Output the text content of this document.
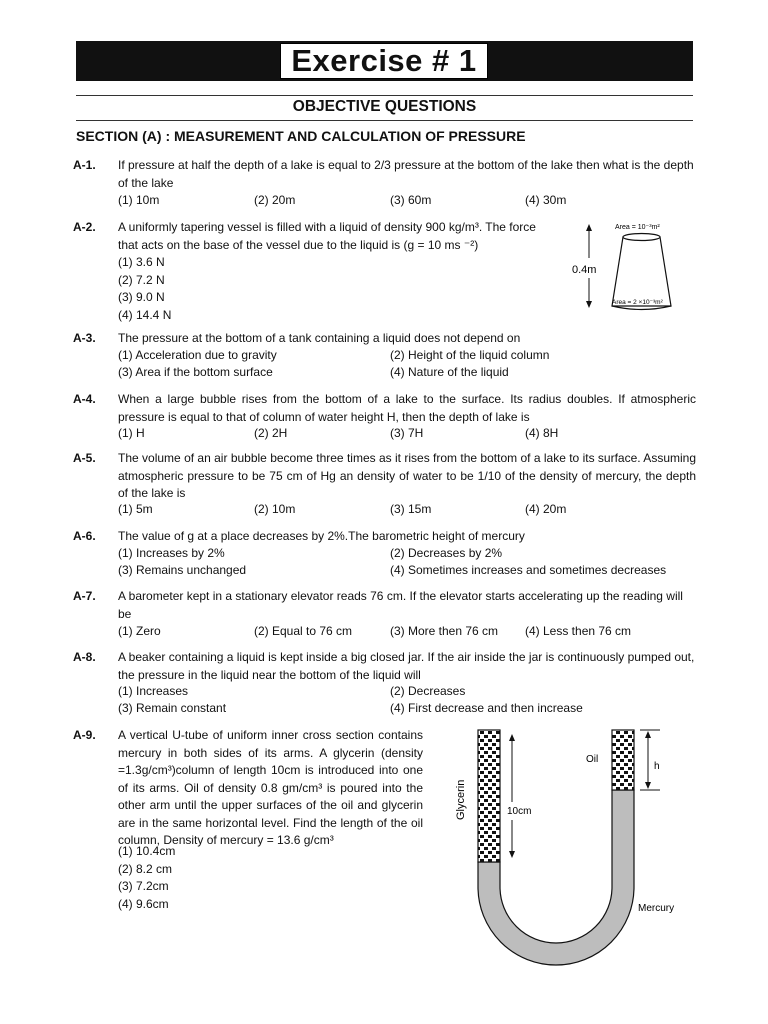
Exercise # 1
OBJECTIVE QUESTIONS
SECTION (A) : MEASUREMENT AND CALCULATION OF PRESSURE
A-1. If pressure at half the depth of a lake is equal to 2/3 pressure at the bottom of the lake then what is the depth of the lake
(1) 10m	(2) 20m	(3) 60m	(4) 30m
A-2. A uniformly tapering vessel is filled with a liquid of density 900 kg/m³. The force that acts on the base of the vessel due to the liquid is (g = 10 ms ⁻²)
(1) 3.6 N
(2) 7.2 N
(3) 9.0 N
(4) 14.4 N
Area = 10⁻³m²
0.4m
Area = 2 ×10⁻³m²
A-3. The pressure at the bottom of a tank containing a liquid does not depend on
(1) Acceleration due to gravity	(2) Height of the liquid column
(3) Area if the bottom surface	(4) Nature of the liquid
A-4. When a large bubble rises from the bottom of a lake to the surface. Its radius doubles. If atmospheric pressure is equal to that of column of water height H, then the depth of lake is
(1) H	(2) 2H	(3) 7H	(4) 8H
A-5. The volume of an air bubble become three times as it rises from the bottom of a lake to its surface. Assuming atmospheric pressure to be 75 cm of Hg an density of water to be 1/10 of the density of mercury, the depth of the lake is
(1) 5m	(2) 10m	(3) 15m	(4) 20m
A-6. The value of g at a place decreases by 2%.The barometric height of mercury
(1) Increases by 2%	(2) Decreases by 2%
(3) Remains unchanged	(4) Sometimes increases and sometimes decreases
A-7. A barometer kept in a stationary elevator reads 76 cm. If the elevator starts accelerating up the reading will be
(1) Zero	(2) Equal to 76 cm	(3) More then 76 cm (4) Less then 76 cm
A-8. A beaker containing a liquid is kept inside a big closed jar. If the air inside the jar is continuously pumped out, the pressure in the liquid near the bottom of the liquid will
(1) Increases	(2) Decreases
(3) Remain constant	(4) First decrease and then increase
A-9. A vertical U-tube of uniform inner cross section contains mercury in both sides of its arms. A glycerin (density =1.3g/cm³)column of length 10cm is introduced into one of its arms. Oil of density 0.8 gm/cm³ is poured into the other arm until the upper surfaces of the oil and glycerin are in the same horizontal level. Find the length of the oil column, Density of mercury = 13.6 g/cm³
(1) 10.4cm
(2) 8.2 cm
(3) 7.2cm
(4) 9.6cm
Glycerin	10cm
Oil
h
Mercury
